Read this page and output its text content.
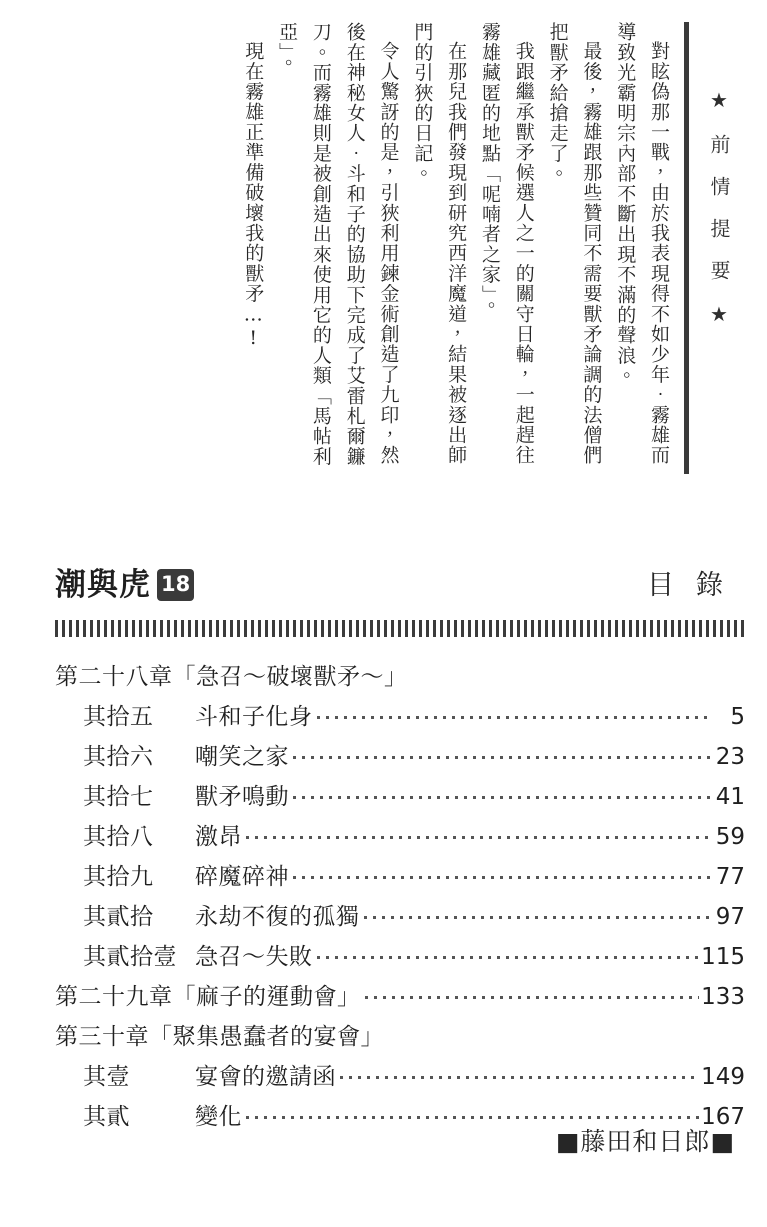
★前情提要★
對眩偽那一戰，由於我表現得不如少年．霧雄而導致光霸明宗內部不斷出現不滿的聲浪。
最後，霧雄跟那些贊同不需要獸矛論調的法僧們把獸矛給搶走了。
我跟繼承獸矛候選人之一的關守日輪，一起趕往霧雄藏匿的地點「呢喃者之家」。
在那兒我們發現到研究西洋魔道，結果被逐出師門的引狹的日記。
令人驚訝的是，引狹利用鍊金術創造了九印，然後在神秘女人．斗和子的協助下完成了艾雷札爾鐮刀。而霧雄則是被創造出來使用它的人類「馬帖利亞」。
現在霧雄正準備破壞我的獸矛…!
潮與虎 18	目錄
第二十八章「急召～破壞獸矛～」
其拾五	斗和子化身	5
其拾六	嘲笑之家	23
其拾七	獸矛鳴動	41
其拾八	激昂	59
其拾九	碎魔碎神	77
其貳拾	永劫不復的孤獨	97
其貳拾壹 急召～失敗	115
第二十九章「麻子的運動會」	133
第三十章「聚集愚蠢者的宴會」
其壹	宴會的邀請函	149
其貳	變化	167
■藤田和日郎■
